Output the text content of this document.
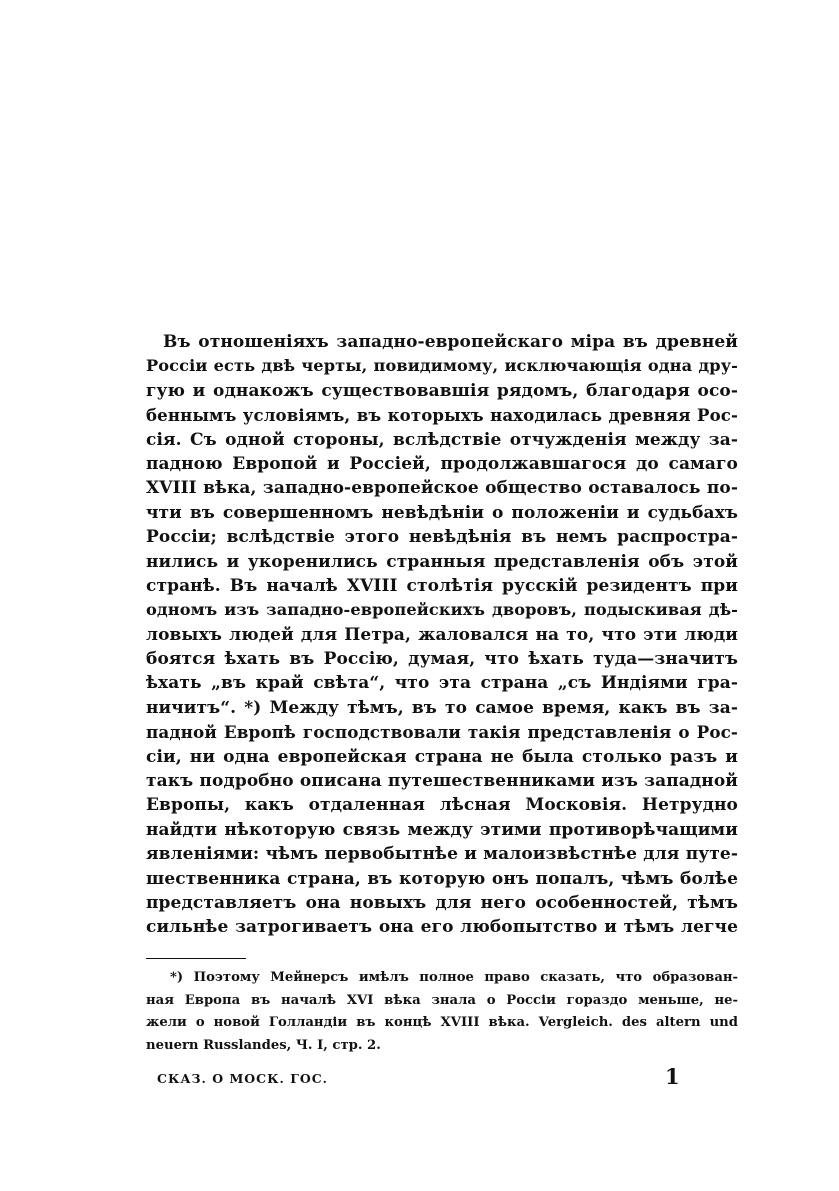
Въ отношеніяхъ западно-европейскаго міра въ древней
Россіи есть двѣ черты, повидимому, исключающія одна дру-
гую и однакожъ существовавшія рядомъ, благодаря осо-
беннымъ условіямъ, въ которыхъ находилась древняя Рос-
сія. Съ одной стороны, вслѣдствіе отчужденія между за-
падною Европой и Россіей, продолжавшагося до самаго
XVIII вѣка, западно-европейское общество оставалось по-
чти въ совершенномъ невѣдѣніи о положеніи и судьбахъ
Россіи; вслѣдствіе этого невѣдѣнія въ немъ распростра-
нились и укоренились странныя представленія объ этой
странѣ. Въ началѣ XVIII столѣтія русскій резидентъ при
одномъ изъ западно-европейскихъ дворовъ, подыскивая дѣ-
ловыхъ людей для Петра, жаловался на то, что эти люди
боятся ѣхать въ Россію, думая, что ѣхать туда—значитъ
ѣхать „въ край свѣта“, что эта страна „съ Индіями гра-
ничитъ“. *) Между тѣмъ, въ то самое время, какъ въ за-
падной Европѣ господствовали такія представленія о Рос-
сіи, ни одна европейская страна не была столько разъ и
такъ подробно описана путешественниками изъ западной
Европы, какъ отдаленная лѣсная Московія. Нетрудно
найдти нѣкоторую связь между этими противорѣчащими
явленіями: чѣмъ первобытнѣе и малоизвѣстнѣе для путе-
шественника страна, въ которую онъ попалъ, чѣмъ болѣе
представляетъ она новыхъ для него особенностей, тѣмъ
сильнѣе затрогиваетъ она его любопытство и тѣмъ легче
*) Поэтому Мейнерсъ имѣлъ полное право сказать, что образован-
ная Европа въ началѣ XVI вѣка знала о Россіи гораздо меньше, не-
жели о новой Голландіи въ концѣ XVIII вѣка. Vergleich. des altern und
neuern Russlandes, Ч. I, стр. 2.
СКАЗ. О МОСК. ГОС.	1
